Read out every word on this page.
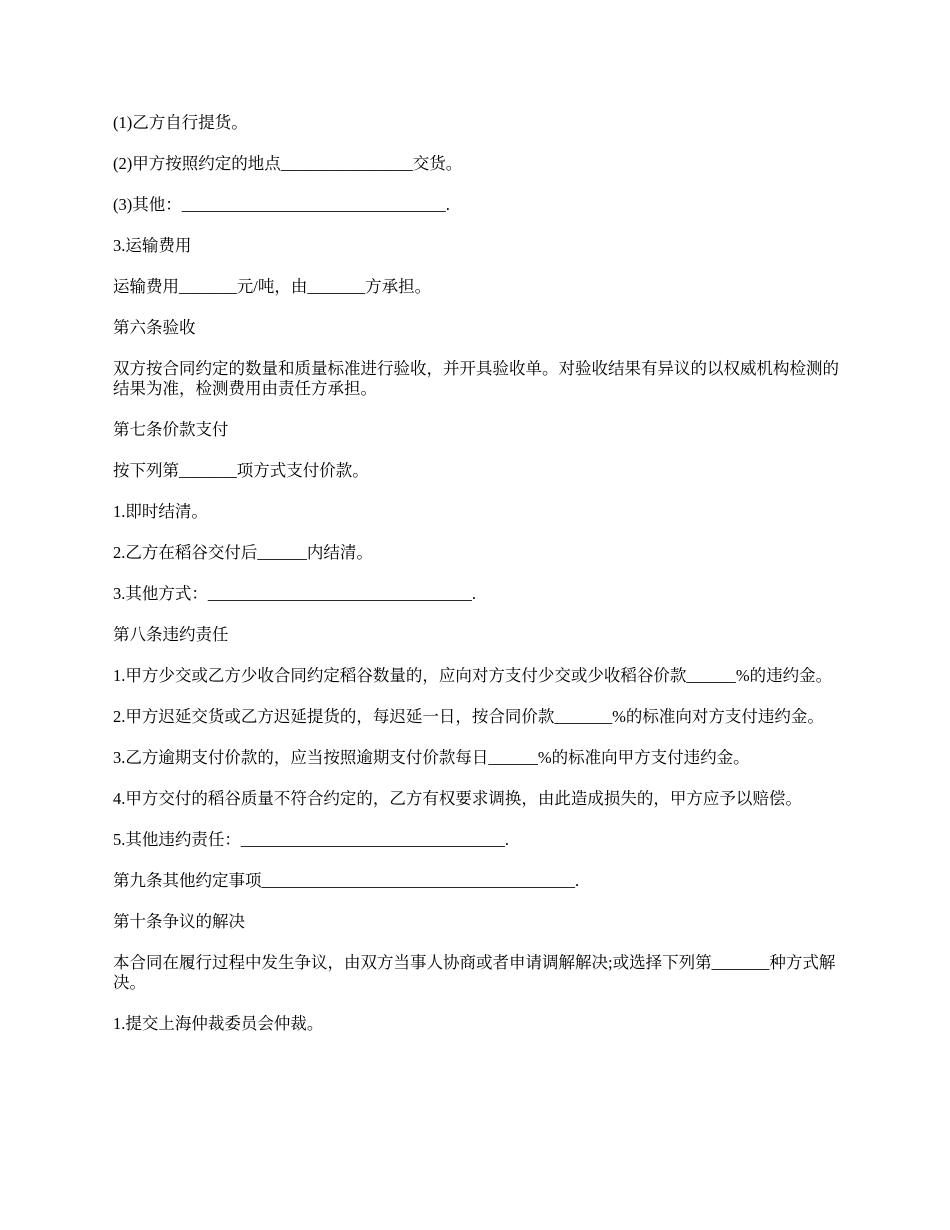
(1)乙方自行提货。

(2)甲方按照约定的地点________________交货。

(3)其他：________________________________.

3.运输费用

运输费用_______元/吨，由_______方承担。

第六条验收

双方按合同约定的数量和质量标准进行验收，并开具验收单。对验收结果有异议的以权威机构检测的结果为准，检测费用由责任方承担。

第七条价款支付

按下列第_______项方式支付价款。

1.即时结清。

2.乙方在稻谷交付后______内结清。

3.其他方式：________________________________.

第八条违约责任

1.甲方少交或乙方少收合同约定稻谷数量的，应向对方支付少交或少收稻谷价款______%的违约金。

2.甲方迟延交货或乙方迟延提货的，每迟延一日，按合同价款_______%的标准向对方支付违约金。

3.乙方逾期支付价款的，应当按照逾期支付价款每日______%的标准向甲方支付违约金。

4.甲方交付的稻谷质量不符合约定的，乙方有权要求调换，由此造成损失的，甲方应予以赔偿。

5.其他违约责任：________________________________.

第九条其他约定事项______________________________________.

第十条争议的解决

本合同在履行过程中发生争议，由双方当事人协商或者申请调解解决;或选择下列第_______种方式解决。

1.提交上海仲裁委员会仲裁。
